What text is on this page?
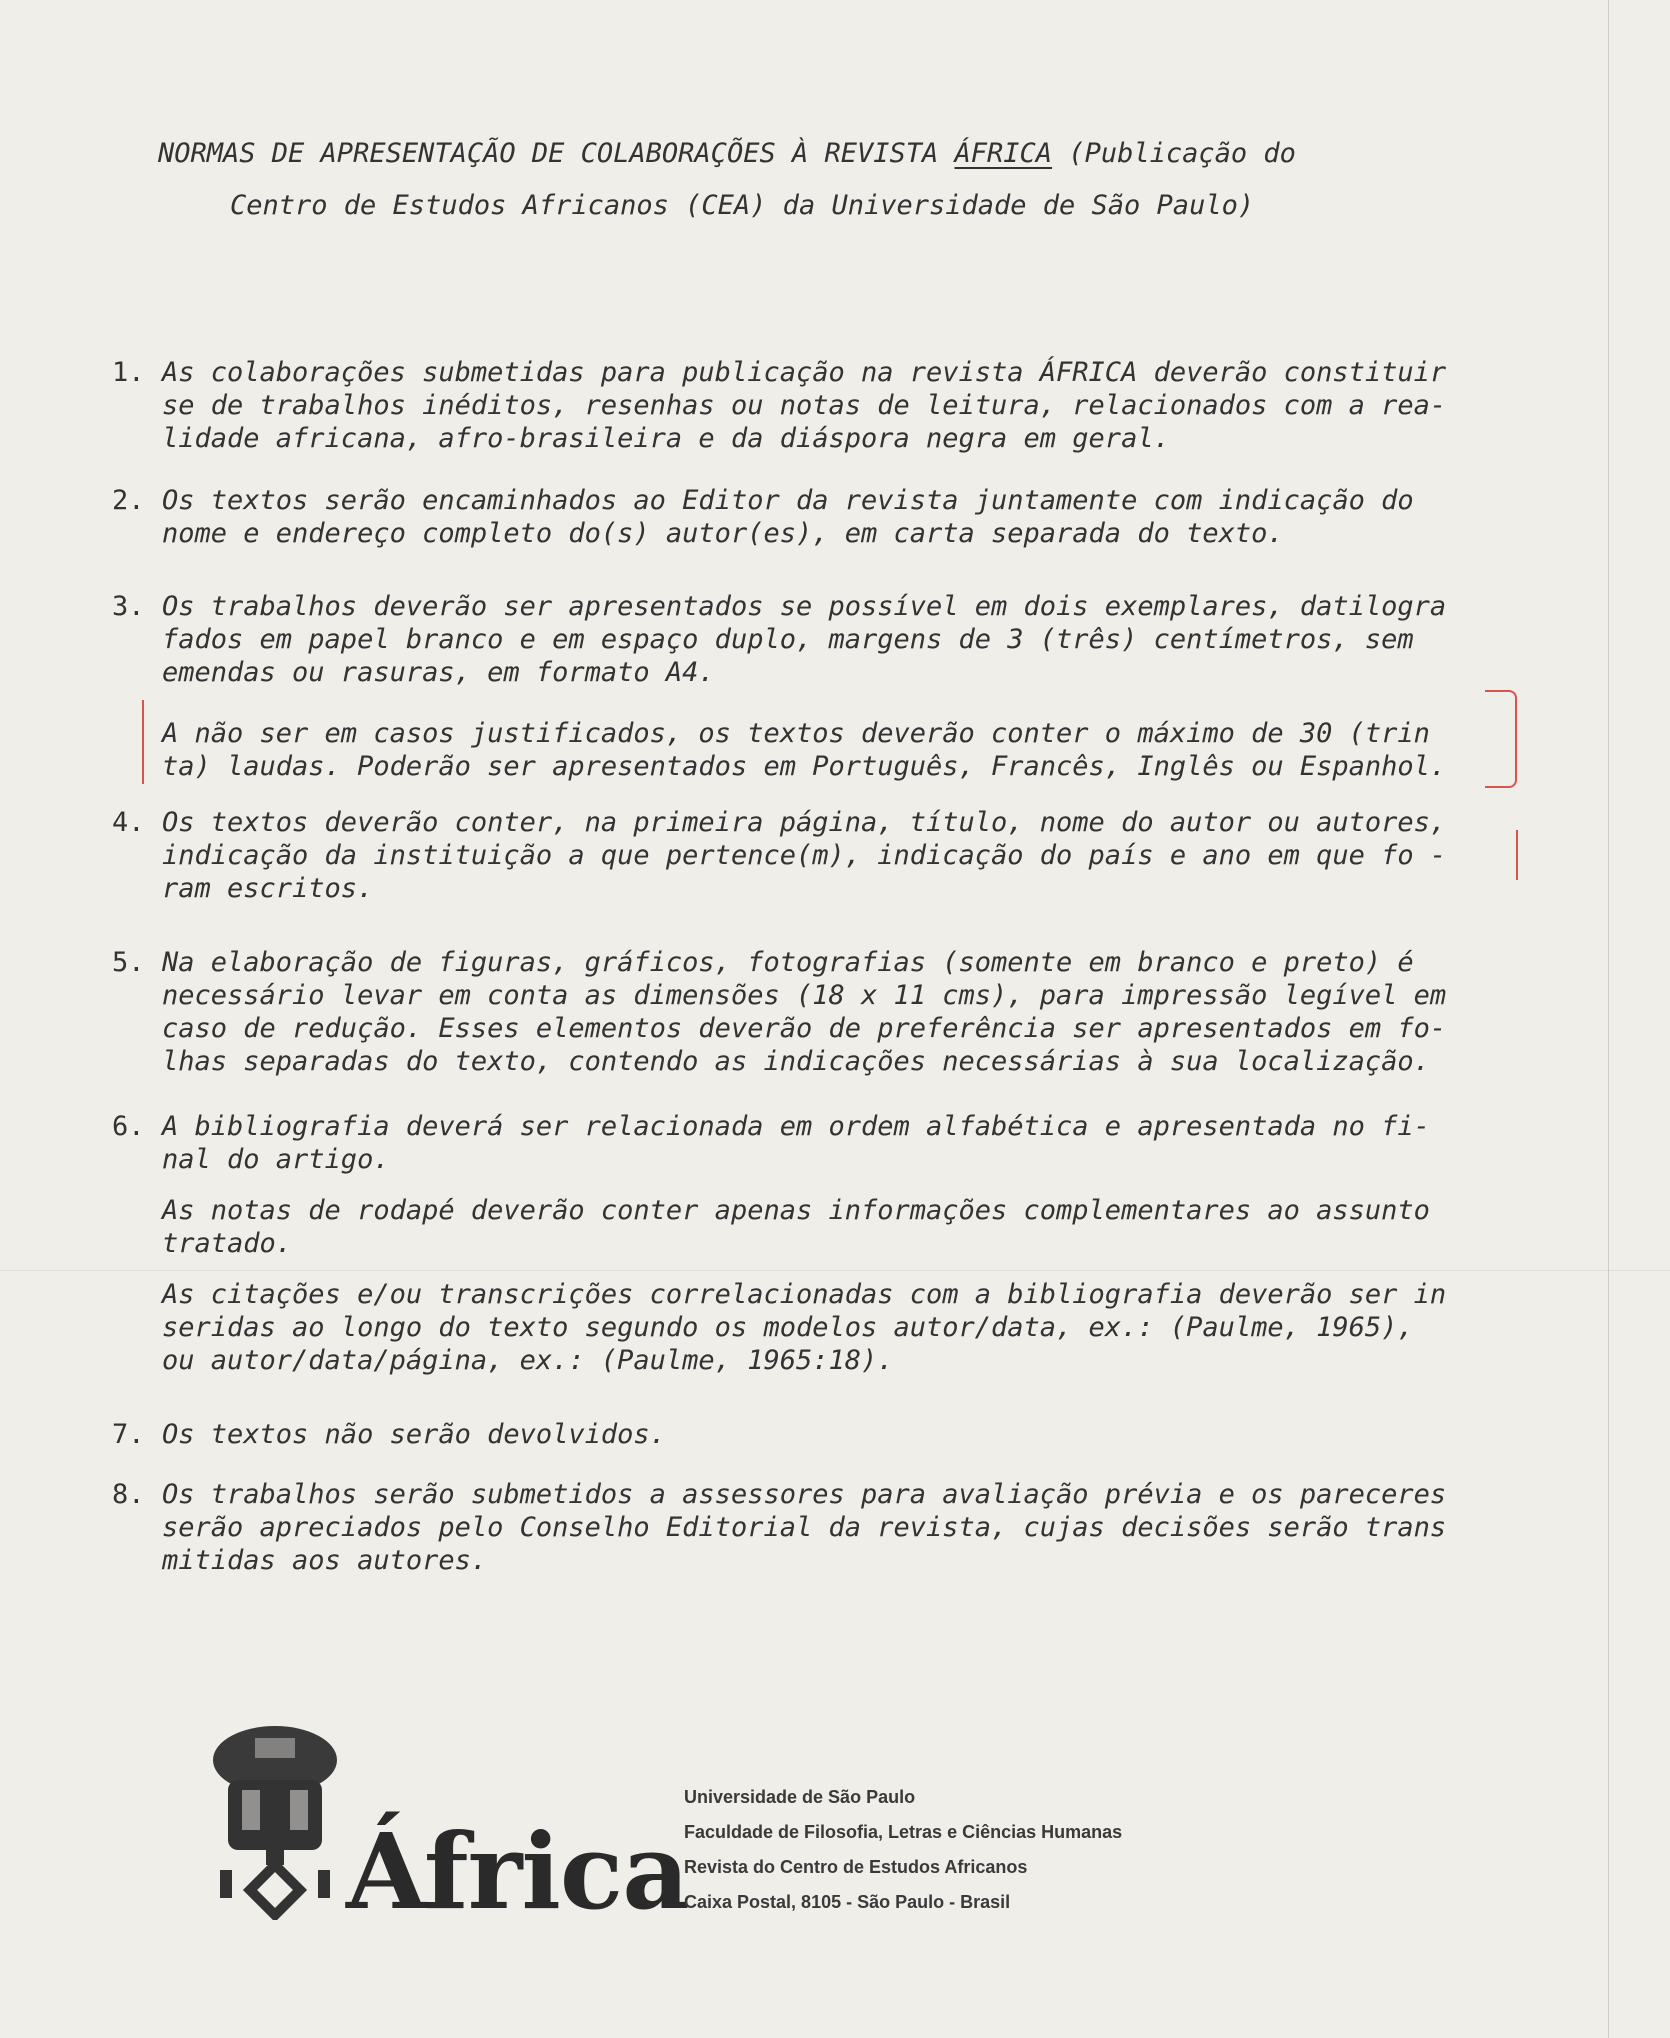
NORMAS DE APRESENTAÇÃO DE COLABORAÇÕES À REVISTA ÁFRICA (Publicação do
Centro de Estudos Africanos (CEA) da Universidade de São Paulo)
1. As colaborações submetidas para publicação na revista ÁFRICA deverão constituir
se de trabalhos inéditos, resenhas ou notas de leitura, relacionados com a rea-
lidade africana, afro-brasileira e da diáspora negra em geral.
2. Os textos serão encaminhados ao Editor da revista juntamente com indicação do
nome e endereço completo do(s) autor(es), em carta separada do texto.
3. Os trabalhos deverão ser apresentados se possível em dois exemplares, datilogra
fados em papel branco e em espaço duplo, margens de 3 (três) centímetros, sem
emendas ou rasuras, em formato A4.
A não ser em casos justificados, os textos deverão conter o máximo de 30 (trin
ta) laudas. Poderão ser apresentados em Português, Francês, Inglês ou Espanhol.
4. Os textos deverão conter, na primeira página, título, nome do autor ou autores,
indicação da instituição a que pertence(m), indicação do país e ano em que fo -
ram escritos.
5. Na elaboração de figuras, gráficos, fotografias (somente em branco e preto) é
necessário levar em conta as dimensões (18 x 11 cms), para impressão legível em
caso de redução. Esses elementos deverão de preferência ser apresentados em fo-
lhas separadas do texto, contendo as indicações necessárias à sua localização.
6. A bibliografia deverá ser relacionada em ordem alfabética e apresentada no fi-
nal do artigo.
As notas de rodapé deverão conter apenas informações complementares ao assunto
tratado.
As citações e/ou transcrições correlacionadas com a bibliografia deverão ser in
seridas ao longo do texto segundo os modelos autor/data, ex.: (Paulme, 1965),
ou autor/data/página, ex.: (Paulme, 1965:18).
7. Os textos não serão devolvidos.
8. Os trabalhos serão submetidos a assessores para avaliação prévia e os pareceres
serão apreciados pelo Conselho Editorial da revista, cujas decisões serão trans
mitidas aos autores.
África
Universidade de São Paulo
Faculdade de Filosofia, Letras e Ciências Humanas
Revista do Centro de Estudos Africanos
Caixa Postal, 8105 - São Paulo - Brasil
